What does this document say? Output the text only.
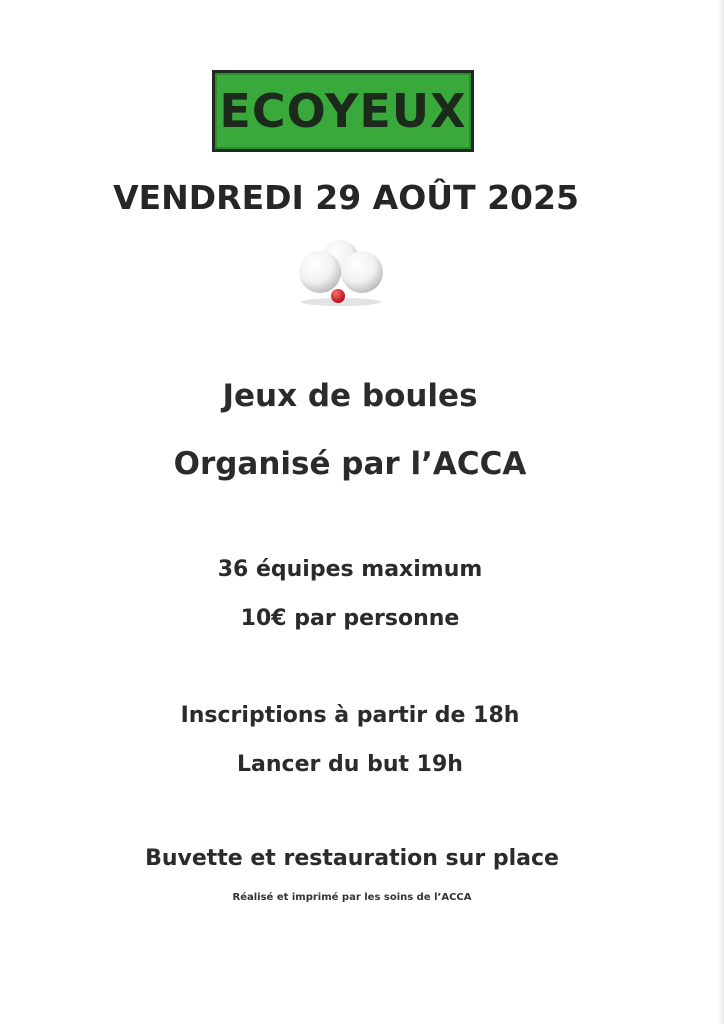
ECOYEUX
VENDREDI 29 AOÛT 2025
Jeux de boules
Organisé par l’ACCA
36 équipes maximum
10€ par personne
Inscriptions à partir de 18h
Lancer du but 19h
Buvette et restauration sur place
Réalisé et imprimé par les soins de l’ACCA
